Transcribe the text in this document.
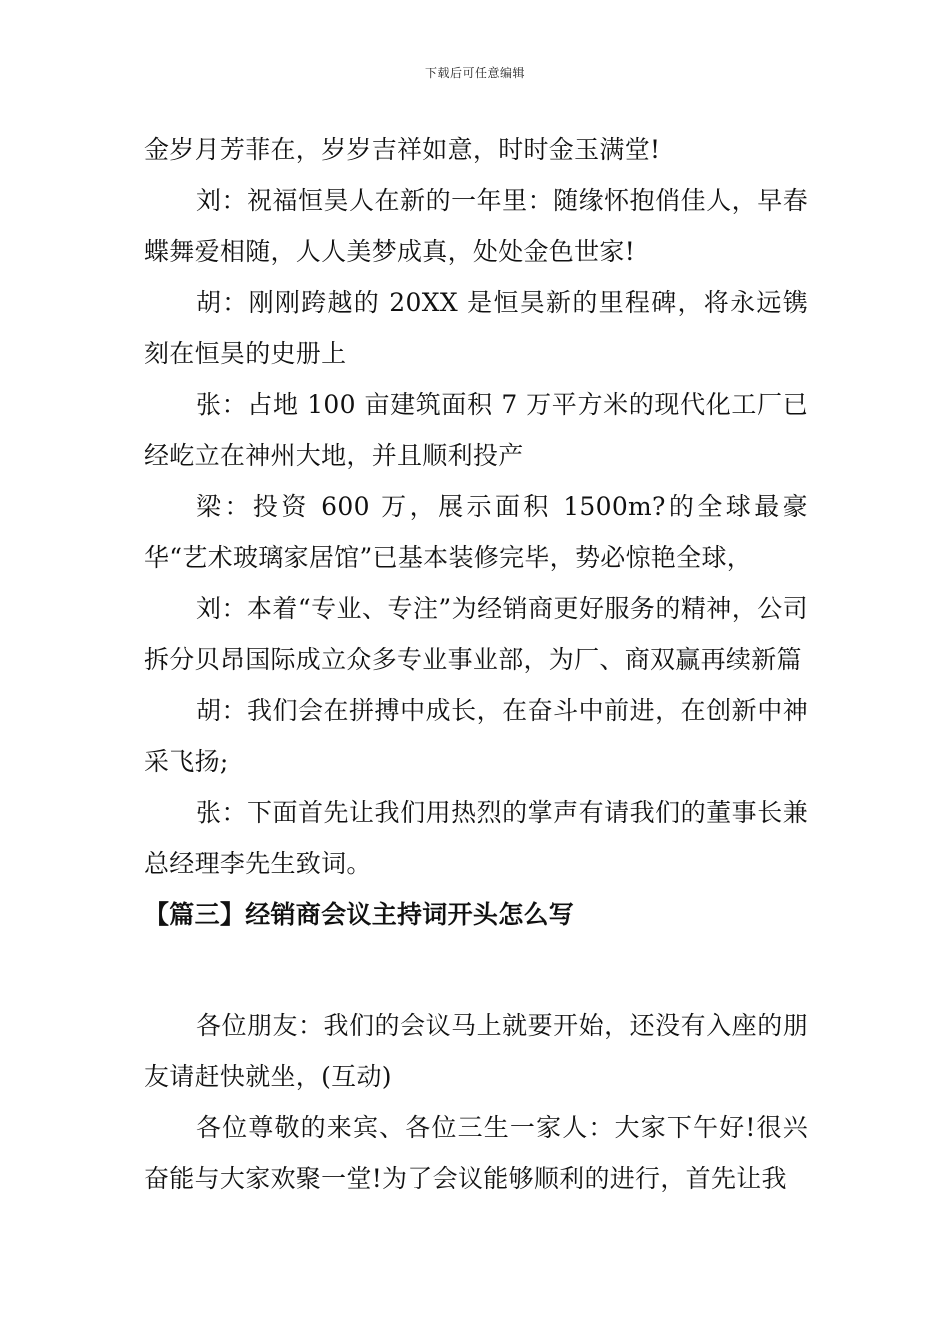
下载后可任意编辑

金岁月芳菲在，岁岁吉祥如意，时时金玉满堂!

刘：祝福恒昊人在新的一年里：随缘怀抱俏佳人，早春蝶舞爱相随，人人美梦成真，处处金色世家!

胡：刚刚跨越的 20XX 是恒昊新的里程碑，将永远镌刻在恒昊的史册上

张：占地 100 亩建筑面积 7 万平方米的现代化工厂已经屹立在神州大地，并且顺利投产

梁：投资 600 万，展示面积 1500m?的全球最豪华“艺术玻璃家居馆”已基本装修完毕，势必惊艳全球，

刘：本着“专业、专注”为经销商更好服务的精神，公司拆分贝昂国际成立众多专业事业部，为厂、商双赢再续新篇

胡：我们会在拼搏中成长，在奋斗中前进，在创新中神采飞扬;

张：下面首先让我们用热烈的掌声有请我们的董事长兼总经理李先生致词。

【篇三】经销商会议主持词开头怎么写

各位朋友：我们的会议马上就要开始，还没有入座的朋友请赶快就坐，(互动)

各位尊敬的来宾、各位三生一家人：大家下午好!很兴奋能与大家欢聚一堂!为了会议能够顺利的进行，首先让我
